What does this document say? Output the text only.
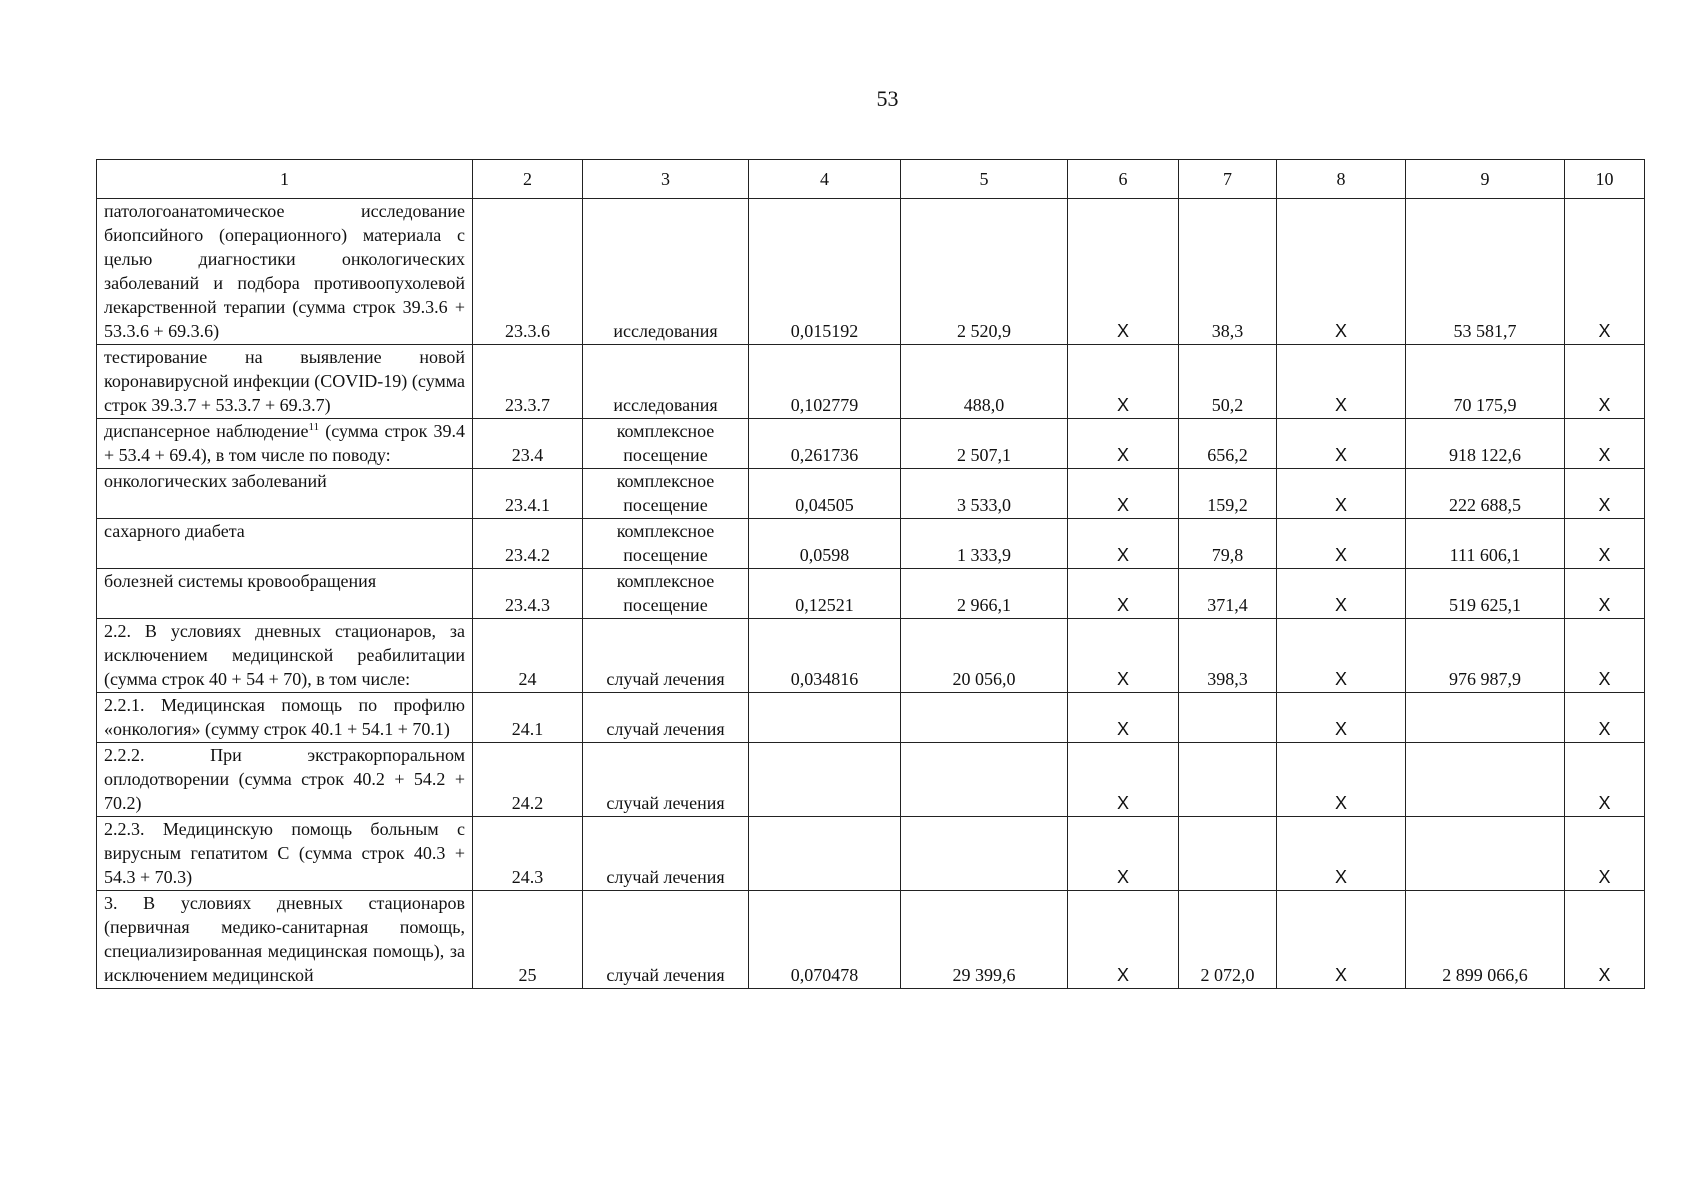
53
1	2	3	4	5	6	7	8	9	10
патологоанатомическое исследование биопсийного (операционного) материала с целью диагностики онкологических заболеваний и подбора противоопухолевой лекарственной терапии (сумма строк 39.3.6 + 53.3.6 + 69.3.6)	23.3.6	исследования	0,015192	2 520,9	Х	38,3	Х	53 581,7	Х
тестирование на выявление новой коронавирусной инфекции (COVID-19) (сумма строк 39.3.7 + 53.3.7 + 69.3.7)	23.3.7	исследования	0,102779	488,0	Х	50,2	Х	70 175,9	Х
диспансерное наблюдение$^{11}$ (сумма строк 39.4 + 53.4 + 69.4), в том числе по поводу:	23.4	комплексное посещение	0,261736	2 507,1	Х	656,2	Х	918 122,6	Х
онкологических заболеваний	23.4.1	комплексное посещение	0,04505	3 533,0	Х	159,2	Х	222 688,5	Х
сахарного диабета	23.4.2	комплексное посещение	0,0598	1 333,9	Х	79,8	Х	111 606,1	Х
болезней системы кровообращения	23.4.3	комплексное посещение	0,12521	2 966,1	Х	371,4	Х	519 625,1	Х
2.2. В условиях дневных стационаров, за исключением медицинской реабилитации (сумма строк 40 + 54 + 70), в том числе:	24	случай лечения	0,034816	20 056,0	Х	398,3	Х	976 987,9	Х
2.2.1. Медицинская помощь по профилю «онкология» (сумму строк 40.1 + 54.1 + 70.1)	24.1	случай лечения			Х		Х		Х
2.2.2. При экстракорпоральном оплодотворении (сумма строк 40.2 + 54.2 + 70.2)	24.2	случай лечения			Х		Х		Х
2.2.3. Медицинскую помощь больным с вирусным гепатитом С (сумма строк 40.3 + 54.3 + 70.3)	24.3	случай лечения			Х		Х		Х
3. В условиях дневных стационаров (первичная медико-санитарная помощь, специализированная медицинская помощь), за исключением медицинской	25	случай лечения	0,070478	29 399,6	Х	2 072,0	Х	2 899 066,6	Х
